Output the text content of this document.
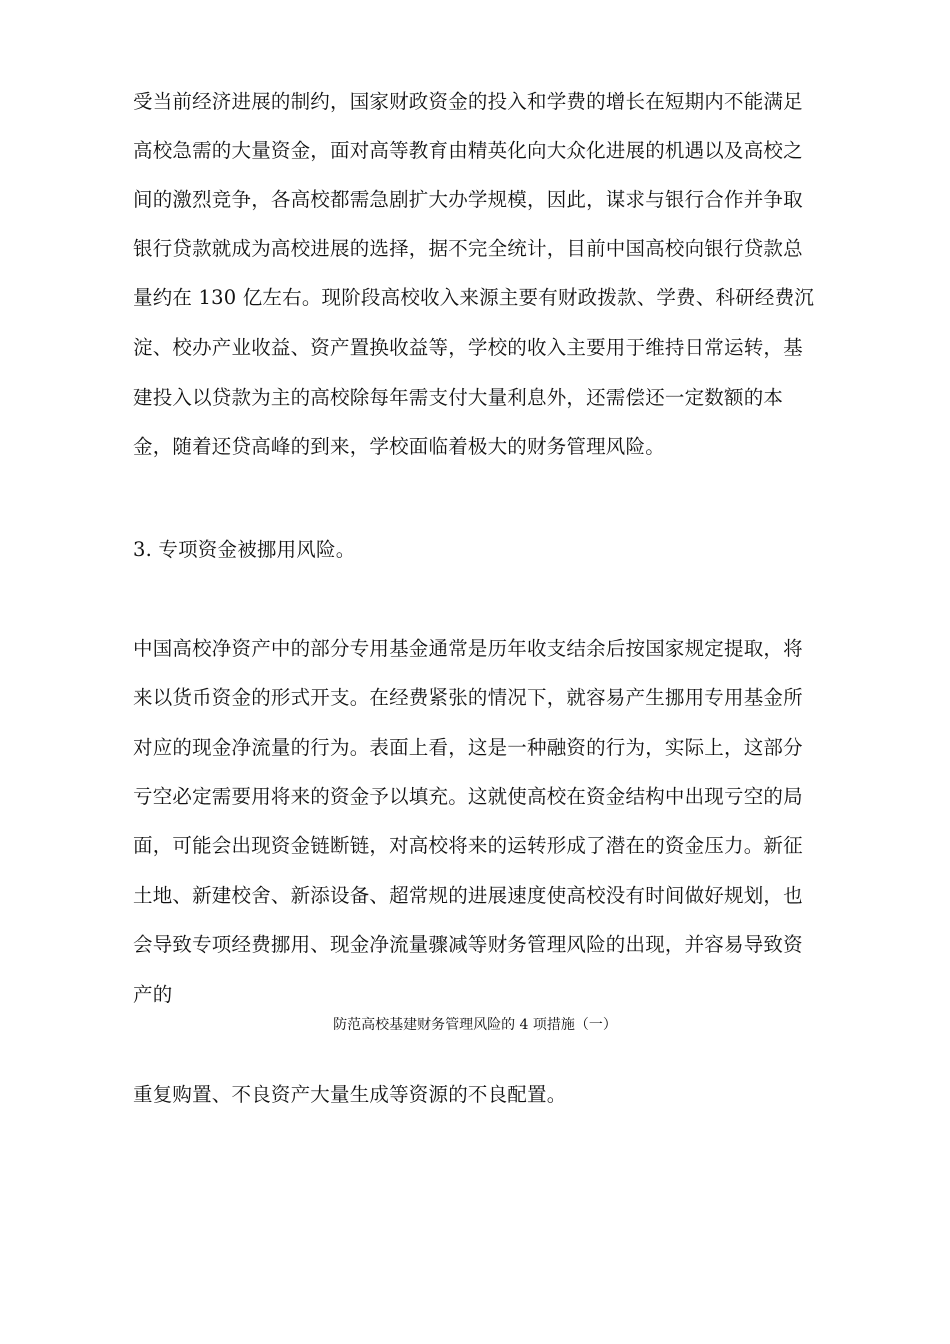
受当前经济进展的制约，国家财政资金的投入和学费的增长在短期内不能满足
高校急需的大量资金，面对高等教育由精英化向大众化进展的机遇以及高校之
间的激烈竞争，各高校都需急剧扩大办学规模，因此，谋求与银行合作并争取
银行贷款就成为高校进展的选择，据不完全统计，目前中国高校向银行贷款总
量约在 130 亿左右。现阶段高校收入来源主要有财政拨款、学费、科研经费沉
淀、校办产业收益、资产置换收益等，学校的收入主要用于维持日常运转，基
建投入以贷款为主的高校除每年需支付大量利息外，还需偿还一定数额的本
金，随着还贷高峰的到来，学校面临着极大的财务管理风险。
3. 专项资金被挪用风险。
中国高校净资产中的部分专用基金通常是历年收支结余后按国家规定提取，将
来以货币资金的形式开支。在经费紧张的情况下，就容易产生挪用专用基金所
对应的现金净流量的行为。表面上看，这是一种融资的行为，实际上，这部分
亏空必定需要用将来的资金予以填充。这就使高校在资金结构中出现亏空的局
面，可能会出现资金链断链，对高校将来的运转形成了潜在的资金压力。新征
土地、新建校舍、新添设备、超常规的进展速度使高校没有时间做好规划，也
会导致专项经费挪用、现金净流量骤减等财务管理风险的出现，并容易导致资
产的
防范高校基建财务管理风险的 4 项措施（一）
重复购置、不良资产大量生成等资源的不良配置。
